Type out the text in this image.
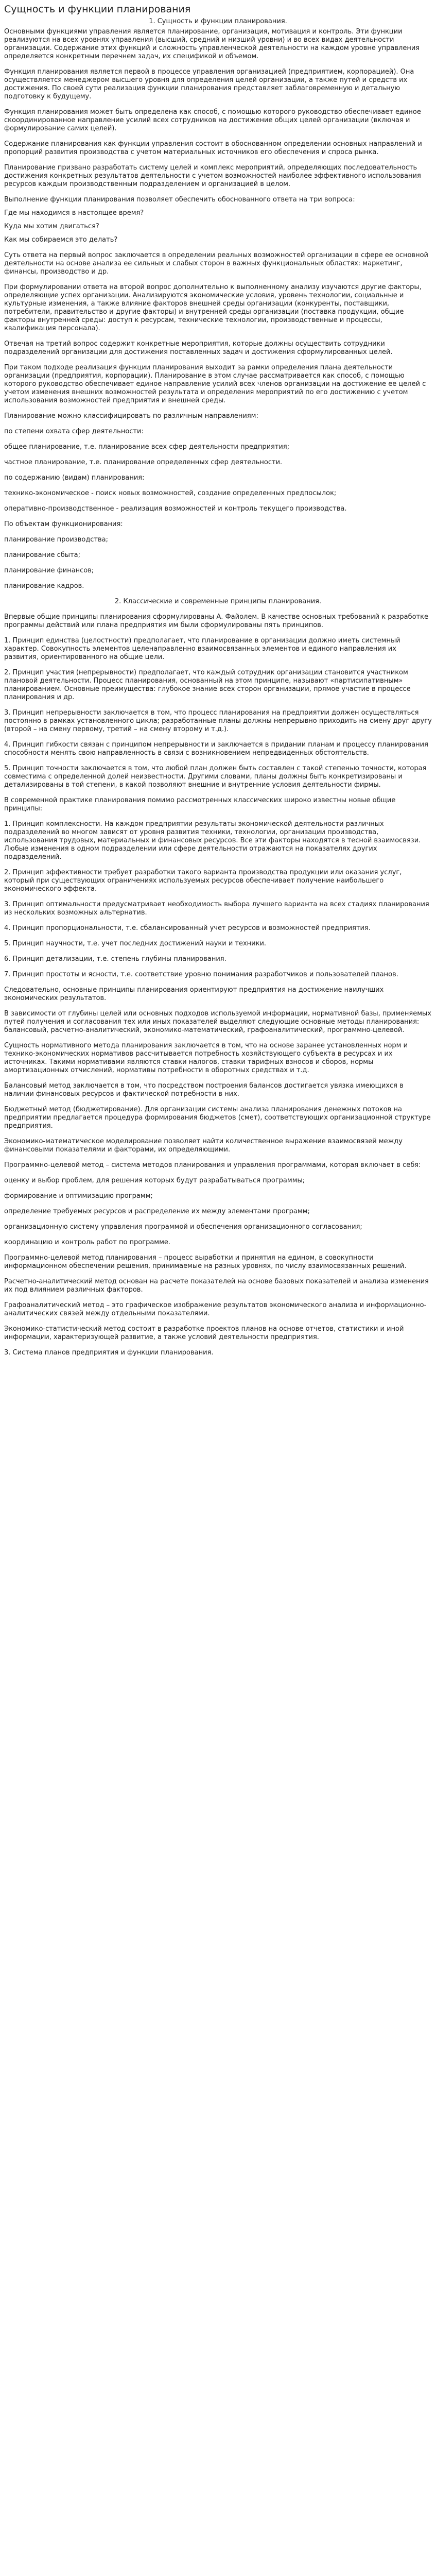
Сущность и функции планирования

1. Сущность и функции планирования.

Основными функциями управления является планирование, организация, мотивация и контроль. Эти функции реализуются на всех уровнях управления (высший, средний и низший уровни) и во всех видах деятельности организации. Содержание этих функций и сложность управленческой деятельности на каждом уровне управления определяется конкретным перечнем задач, их спецификой и объемом.

Функция планирования является первой в процессе управления организацией (предприятием, корпорацией). Она осуществляется менеджером высшего уровня для определения целей организации, а также путей и средств их достижения. По своей сути реализация функции планирования представляет заблаговременную и детальную подготовку к будущему.

Функция планирования может быть определена как способ, с помощью которого руководство обеспечивает единое скоординированное направление усилий всех сотрудников на достижение общих целей организации (включая и формулирование самих целей).

Содержание планирования как функции управления состоит в обоснованном определении основных направлений и пропорций развития производства с учетом материальных источников его обеспечения и спроса рынка.

Планирование призвано разработать систему целей и комплекс мероприятий, определяющих последовательность достижения конкретных результатов деятельности с учетом возможностей наиболее эффективного использования ресурсов каждым производственным подразделением и организацией в целом.

Выполнение функции планирования позволяет обеспечить обоснованного ответа на три вопроса:

Где мы находимся в настоящее время?

Куда мы хотим двигаться?

Как мы собираемся это делать?

Суть ответа на первый вопрос заключается в определении реальных возможностей организации в сфере ее основной деятельности на основе анализа ее сильных и слабых сторон в важных функциональных областях: маркетинг, финансы, производство и др.

При формулировании ответа на второй вопрос дополнительно к выполненному анализу изучаются другие факторы, определяющие успех организации. Анализируются экономические условия, уровень технологии, социальные и культурные изменения, а также влияние факторов внешней среды организации (конкуренты, поставщики, потребители, правительство и другие факторы) и внутренней среды организации (поставка продукции, общие факторы внутренней среды: доступ к ресурсам, технические технологии, производственные и процессы, квалификация персонала).

Отвечая на третий вопрос содержит конкретные мероприятия, которые должны осуществить сотрудники подразделений организации для достижения поставленных задач и достижения сформулированных целей.

При таком подходе реализация функции планирования выходит за рамки определения плана деятельности организации (предприятия, корпорации). Планирование в этом случае рассматривается как способ, с помощью которого руководство обеспечивает единое направление усилий всех членов организации на достижение ее целей с учетом изменения внешних возможностей результата и определения мероприятий по его достижению с учетом использования возможностей предприятия и внешней среды.

Планирование можно классифицировать по различным направлениям:

по степени охвата сфер деятельности:

общее планирование, т.е. планирование всех сфер деятельности предприятия;

частное планирование, т.е. планирование определенных сфер деятельности.

по содержанию (видам) планирования:

технико-экономическое - поиск новых возможностей, создание определенных предпосылок;

оперативно-производственное - реализация возможностей и контроль текущего производства.

По объектам функционирования:

планирование производства;

планирование сбыта;

планирование финансов;

планирование кадров.

2. Классические и современные принципы планирования.

Впервые общие принципы планирования сформулированы А. Файолем. В качестве основных требований к разработке программы действий или плана предприятия им были сформулированы пять принципов.

1. Принцип единства (целостности) предполагает, что планирование в организации должно иметь системный характер. Совокупность элементов целенаправленно взаимосвязанных элементов и единого направления их развития, ориентированного на общие цели.

2. Принцип участия (непрерывности) предполагает, что каждый сотрудник организации становится участником плановой деятельности. Процесс планирования, основанный на этом принципе, называют «партисипативным» планированием. Основные преимущества: глубокое знание всех сторон организации, прямое участие в процессе планирования и др.

3. Принцип непрерывности заключается в том, что процесс планирования на предприятии должен осуществляться постоянно в рамках установленного цикла; разработанные планы должны непрерывно приходить на смену друг другу (второй – на смену первому, третий – на смену второму и т.д.).

4. Принцип гибкости связан с принципом непрерывности и заключается в придании планам и процессу планирования способности менять свою направленность в связи с возникновением непредвиденных обстоятельств.

5. Принцип точности заключается в том, что любой план должен быть составлен с такой степенью точности, которая совместима с определенной долей неизвестности. Другими словами, планы должны быть конкретизированы и детализированы в той степени, в какой позволяют внешние и внутренние условия деятельности фирмы.

В современной практике планирования помимо рассмотренных классических широко известны новые общие принципы:

1. Принцип комплексности. На каждом предприятии результаты экономической деятельности различных подразделений во многом зависят от уровня развития техники, технологии, организации производства, использования трудовых, материальных и финансовых ресурсов. Все эти факторы находятся в тесной взаимосвязи. Любые изменения в одном подразделении или сфере деятельности отражаются на показателях других подразделений.

2. Принцип эффективности требует разработки такого варианта производства продукции или оказания услуг, который при существующих ограничениях используемых ресурсов обеспечивает получение наибольшего экономического эффекта.

3. Принцип оптимальности предусматривает необходимость выбора лучшего варианта на всех стадиях планирования из нескольких возможных альтернатив.

4. Принцип пропорциональности, т.е. сбалансированный учет ресурсов и возможностей предприятия.

5. Принцип научности, т.е. учет последних достижений науки и техники.

6. Принцип детализации, т.е. степень глубины планирования.

7. Принцип простоты и ясности, т.е. соответствие уровню понимания разработчиков и пользователей планов.

Следовательно, основные принципы планирования ориентируют предприятия на достижение наилучших экономических результатов.

В зависимости от глубины целей или основных подходов используемой информации, нормативной базы, применяемых путей получения и согласования тех или иных показателей выделяют следующие основные методы планирования: балансовый, расчетно-аналитический, экономико-математический, графоаналитический, программно-целевой.

Сущность нормативного метода планирования заключается в том, что на основе заранее установленных норм и технико-экономических нормативов рассчитывается потребность хозяйствующего субъекта в ресурсах и их источниках. Такими нормативами являются ставки налогов, ставки тарифных взносов и сборов, нормы амортизационных отчислений, нормативы потребности в оборотных средствах и т.д.

Балансовый метод заключается в том, что посредством построения балансов достигается увязка имеющихся в наличии финансовых ресурсов и фактической потребности в них.

Бюджетный метод (бюджетирование). Для организации системы анализа планирования денежных потоков на предприятии предлагается процедура формирования бюджетов (смет), соответствующих организационной структуре предприятия.

Экономико-математическое моделирование позволяет найти количественное выражение взаимосвязей между финансовыми показателями и факторами, их определяющими.

Программно-целевой метод – система методов планирования и управления программами, которая включает в себя:

оценку и выбор проблем, для решения которых будут разрабатываться программы;

формирование и оптимизацию программ;

определение требуемых ресурсов и распределение их между элементами программ;

организационную систему управления программой и обеспечения организационного согласования;

координацию и контроль работ по программе.

Программно-целевой метод планирования – процесс выработки и принятия на едином, в совокупности информационном обеспечении решения, принимаемые на разных уровнях, по числу взаимосвязанных решений.

Расчетно-аналитический метод основан на расчете показателей на основе базовых показателей и анализа изменения их под влиянием различных факторов.

Графоаналитический метод – это графическое изображение результатов экономического анализа и информационно-аналитических связей между отдельными показателями.

Экономико-статистический метод состоит в разработке проектов планов на основе отчетов, статистики и иной информации, характеризующей развитие, а также условий деятельности предприятия.

3. Система планов предприятия и функции планирования.
